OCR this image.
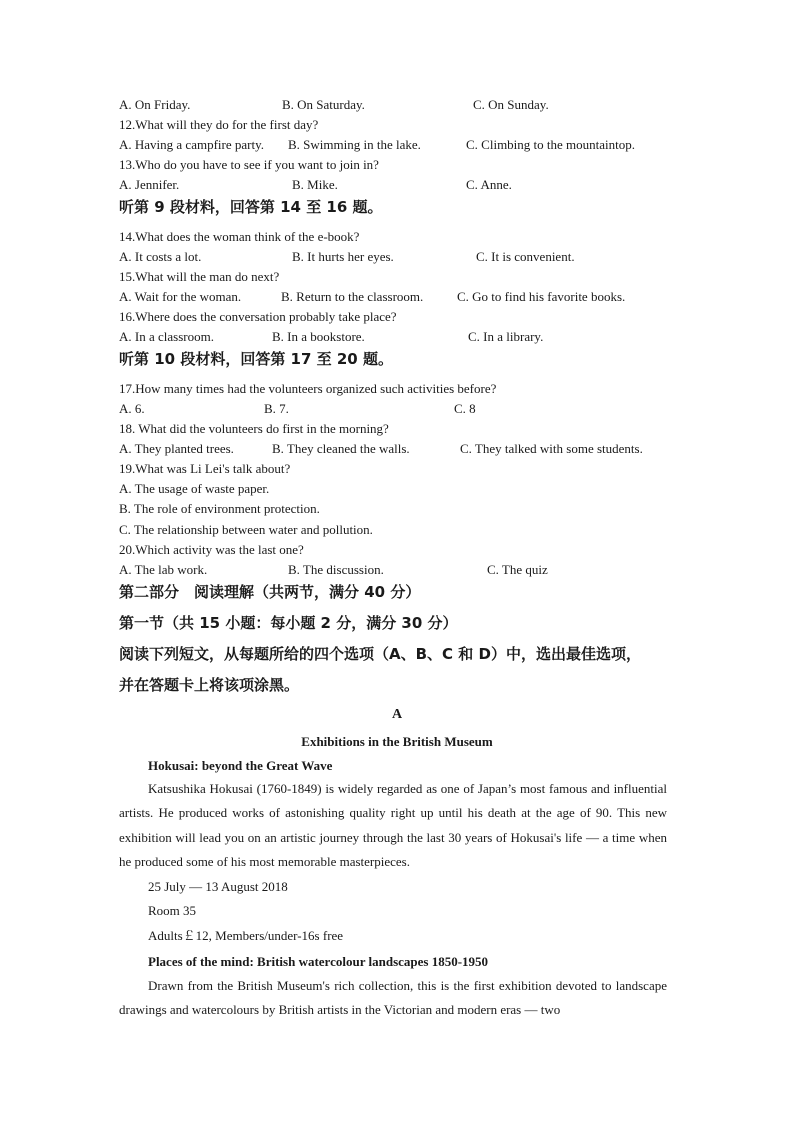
A. On Friday.	B. On Saturday.	C. On Sunday.
12.What will they do for the first day?
A. Having a campfire party. B. Swimming in the lake.	C. Climbing to the mountaintop.
13.Who do you have to see if you want to join in?
A. Jennifer.	B. Mike.	C. Anne.
听第 9 段材料，回答第 14 至 16 题。
14.What does the woman think of the e-book?
A. It costs a lot.	B. It hurts her eyes.	C. It is convenient.
15.What will the man do next?
A. Wait for the woman.	B. Return to the classroom.	C. Go to find his favorite books.
16.Where does the conversation probably take place?
A. In a classroom.	B. In a bookstore.	C. In a library.
听第 10 段材料，回答第 17 至 20 题。
17.How many times had the volunteers organized such activities before?
A. 6.	B. 7.	C. 8
18. What did the volunteers do first in the morning?
A. They planted trees.	B. They cleaned the walls.	C. They talked with some students.
19.What was Li Lei's talk about?
A. The usage of waste paper.
B. The role of environment protection.
C. The relationship between water and pollution.
20.Which activity was the last one?
A. The lab work.	B. The discussion.	C. The quiz
第二部分　阅读理解（共两节，满分 40 分）
第一节（共 15 小题：每小题 2 分，满分 30 分）
阅读下列短文，从每题所给的四个选项（A、B、C 和 D）中，选出最佳选项，
并在答题卡上将该项涂黑。
A
Exhibitions in the British Museum
Hokusai: beyond the Great Wave
Katsushika Hokusai (1760-1849) is widely regarded as one of Japan’s most famous and influential artists. He produced works of astonishing quality right up until his death at the age of 90. This new exhibition will lead you on an artistic journey through the last 30 years of Hokusai's life — a time when he produced some of his most memorable masterpieces.
25 July — 13 August 2018
Room 35
Adults￡12, Members/under-16s free
Places of the mind: British watercolour landscapes 1850-1950
Drawn from the British Museum's rich collection, this is the first exhibition devoted to landscape drawings and watercolours by British artists in the Victorian and modern eras — two
